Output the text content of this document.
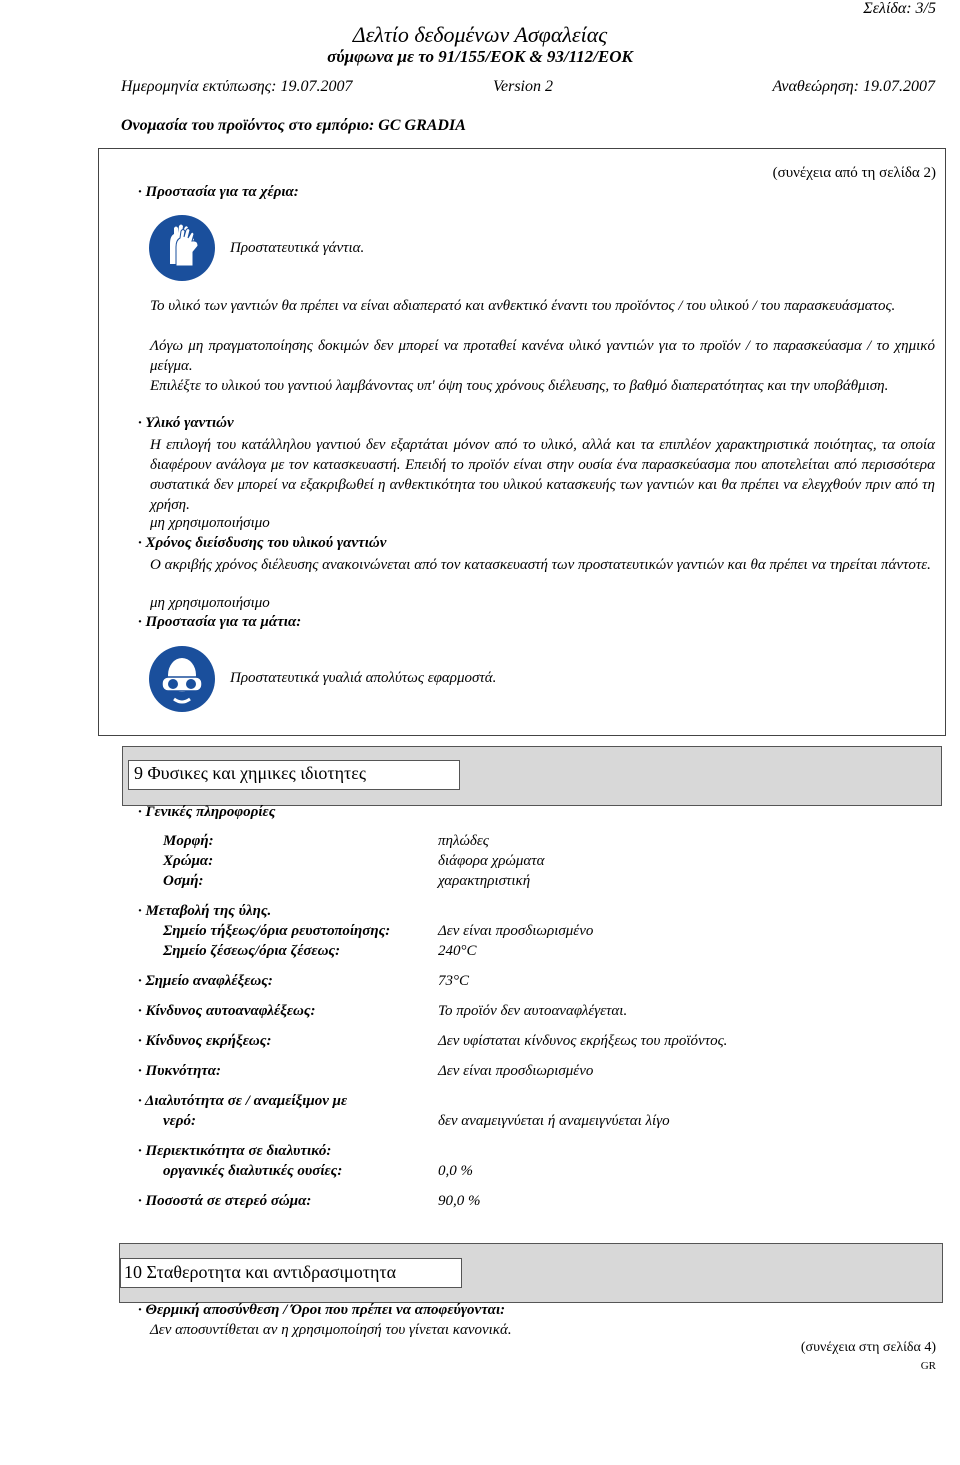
Σελίδα: 3/5
Δελτίο δεδομένων Ασφαλείας
σύμφωνα με το 91/155/ΕΟΚ & 93/112/ΕΟΚ
Ημερομηνία εκτύπωσης: 19.07.2007	Version 2	Αναθεώρηση: 19.07.2007
Ονομασία του προϊόντος στο εμπόριο: GC GRADIA
(συνέχεια από τη σελίδα 2)
· Προστασία για τα χέρια:
Προστατευτικά γάντια.
Το υλικό των γαντιών θα πρέπει να είναι αδιαπερατό και ανθεκτικό έναντι του προϊόντος / του υλικού / του παρασκευάσματος.
Λόγω μη πραγματοποίησης δοκιμών δεν μπορεί να προταθεί κανένα υλικό γαντιών για το προϊόν / το παρασκεύασμα / το χημικό μείγμα.
Επιλέξτε το υλικού του γαντιού λαμβάνοντας υπ' όψη τους χρόνους διέλευσης, το βαθμό διαπερατότητας και την υποβάθμιση.
· Υλικό γαντιών
Η επιλογή του κατάλληλου γαντιού δεν εξαρτάται μόνον από το υλικό, αλλά και τα επιπλέον χαρακτηριστικά ποιότητας, τα οποία διαφέρουν ανάλογα με τον κατασκευαστή. Επειδή το προϊόν είναι στην ουσία ένα παρασκεύασμα που αποτελείται από περισσότερα συστατικά δεν μπορεί να εξακριβωθεί η ανθεκτικότητα του υλικού κατασκευής των γαντιών και θα πρέπει να ελεγχθούν πριν από τη χρήση.
μη χρησιμοποιήσιμο
· Χρόνος διείσδυσης του υλικού γαντιών
Ο ακριβής χρόνος διέλευσης ανακοινώνεται από τον κατασκευαστή των προστατευτικών γαντιών και θα πρέπει να τηρείται πάντοτε.
μη χρησιμοποιήσιμο
· Προστασία για τα μάτια:
Προστατευτικά γυαλιά απολύτως εφαρμοστά.
9 Φυσικες και χημικες ιδιοτητες
· Γενικές πληροφορίες
Μορφή:	πηλώδες
Χρώμα:	διάφορα χρώματα
Οσμή:	χαρακτηριστική
· Μεταβολή της ύλης.
Σημείο τήξεως/όρια ρευστοποίησης:	Δεν είναι προσδιωρισμένο
Σημείο ζέσεως/όρια ζέσεως:	240°C
· Σημείο αναφλέξεως:	73°C
· Κίνδυνος αυτοαναφλέξεως:	Το προϊόν δεν αυτοαναφλέγεται.
· Κίνδυνος εκρήξεως:	Δεν υφίσταται κίνδυνος εκρήξεως του προϊόντος.
· Πυκνότητα:	Δεν είναι προσδιωρισμένο
· Διαλυτότητα σε / αναμείξιμον με
νερό:	δεν αναμειγνύεται ή αναμειγνύεται λίγο
· Περιεκτικότητα σε διαλυτικό:
οργανικές διαλυτικές ουσίες:	0,0 %
· Ποσοστά σε στερεό σώμα:	90,0 %
10 Σταθεροτητα και αντιδρασιμοτητα
· Θερμική αποσύνθεση / Όροι που πρέπει να αποφεύγονται:
Δεν αποσυντίθεται αν η χρησιμοποίησή του γίνεται κανονικά.
(συνέχεια στη σελίδα 4)
GR
